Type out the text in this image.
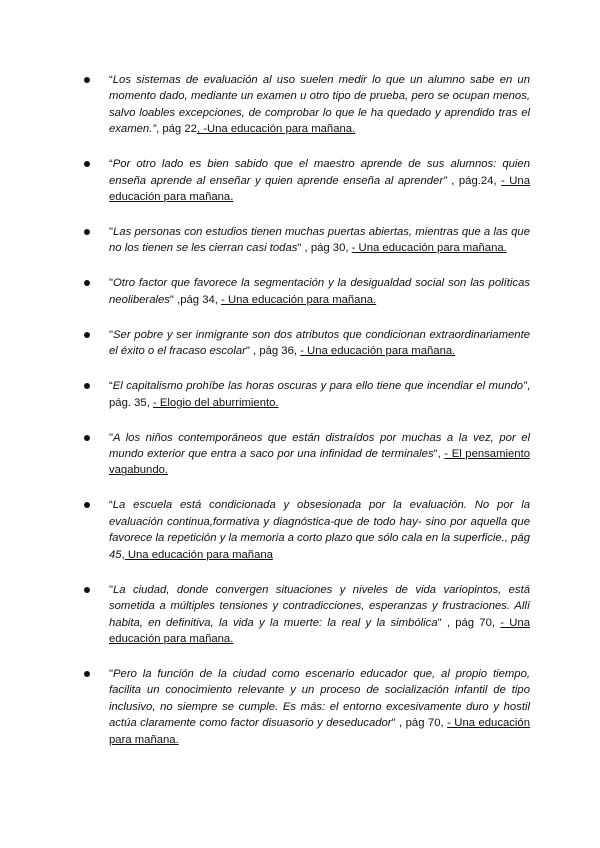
“Los sistemas de evaluación al uso suelen medir lo que un alumno sabe en un momento dado, mediante un examen u otro tipo de prueba, pero se ocupan menos, salvo loables excepciones, de comprobar lo que le ha quedado y aprendido tras el examen.”, pág 22, -Una educación para mañana.
“Por otro lado es bien sabido que el maestro aprende de sus alumnos: quien enseña aprende al enseñar y quien aprende enseña al aprender” , pág.24, - Una educación para mañana.
"Las personas con estudios tienen muchas puertas abiertas, mientras que a las que no los tienen se les cierran casi todas" , pág 30, - Una educación para mañana.
"Otro factor que favorece la segmentación y la desigualdad social son las políticas neoliberales" ,pág 34, - Una educación para mañana.
"Ser pobre y ser inmigrante son dos atributos que condicionan extraordinariamente el éxito o el fracaso escolar" , pág 36, - Una educación para mañana.
“El capitalismo prohíbe las horas oscuras y para ello tiene que incendiar el mundo”, pág. 35, - Elogio del aburrimiento.
"A los niños contemporáneos que están distraídos por muchas a la vez, por el mundo exterior que entra a saco por una infinidad de terminales", - El pensamiento vagabundo.
“La escuela está condicionada y obsesionada por la evaluación. No por la evaluación continua,formativa y diagnóstica-que de todo hay- sino por aquella que favorece la repetición y la memoria a corto plazo que sólo cala en la superficie., pág 45, Una educación para mañana
"La ciudad, donde convergen situaciones y niveles de vida variopintos, está sometida a múltiples tensiones y contradicciones, esperanzas y frustraciones. Allí habita, en definitiva, la vida y la muerte: la real y la simbólica" , pág 70, - Una educación para mañana.
"Pero la función de la ciudad como escenario educador que, al propio tiempo, facilita un conocimiento relevante y un proceso de socialización infantil de tipo inclusivo, no siempre se cumple. Es más: el entorno excesivamente duro y hostil actúa claramente como factor disuasorio y deseducador" , pág 70, - Una educación para mañana.
